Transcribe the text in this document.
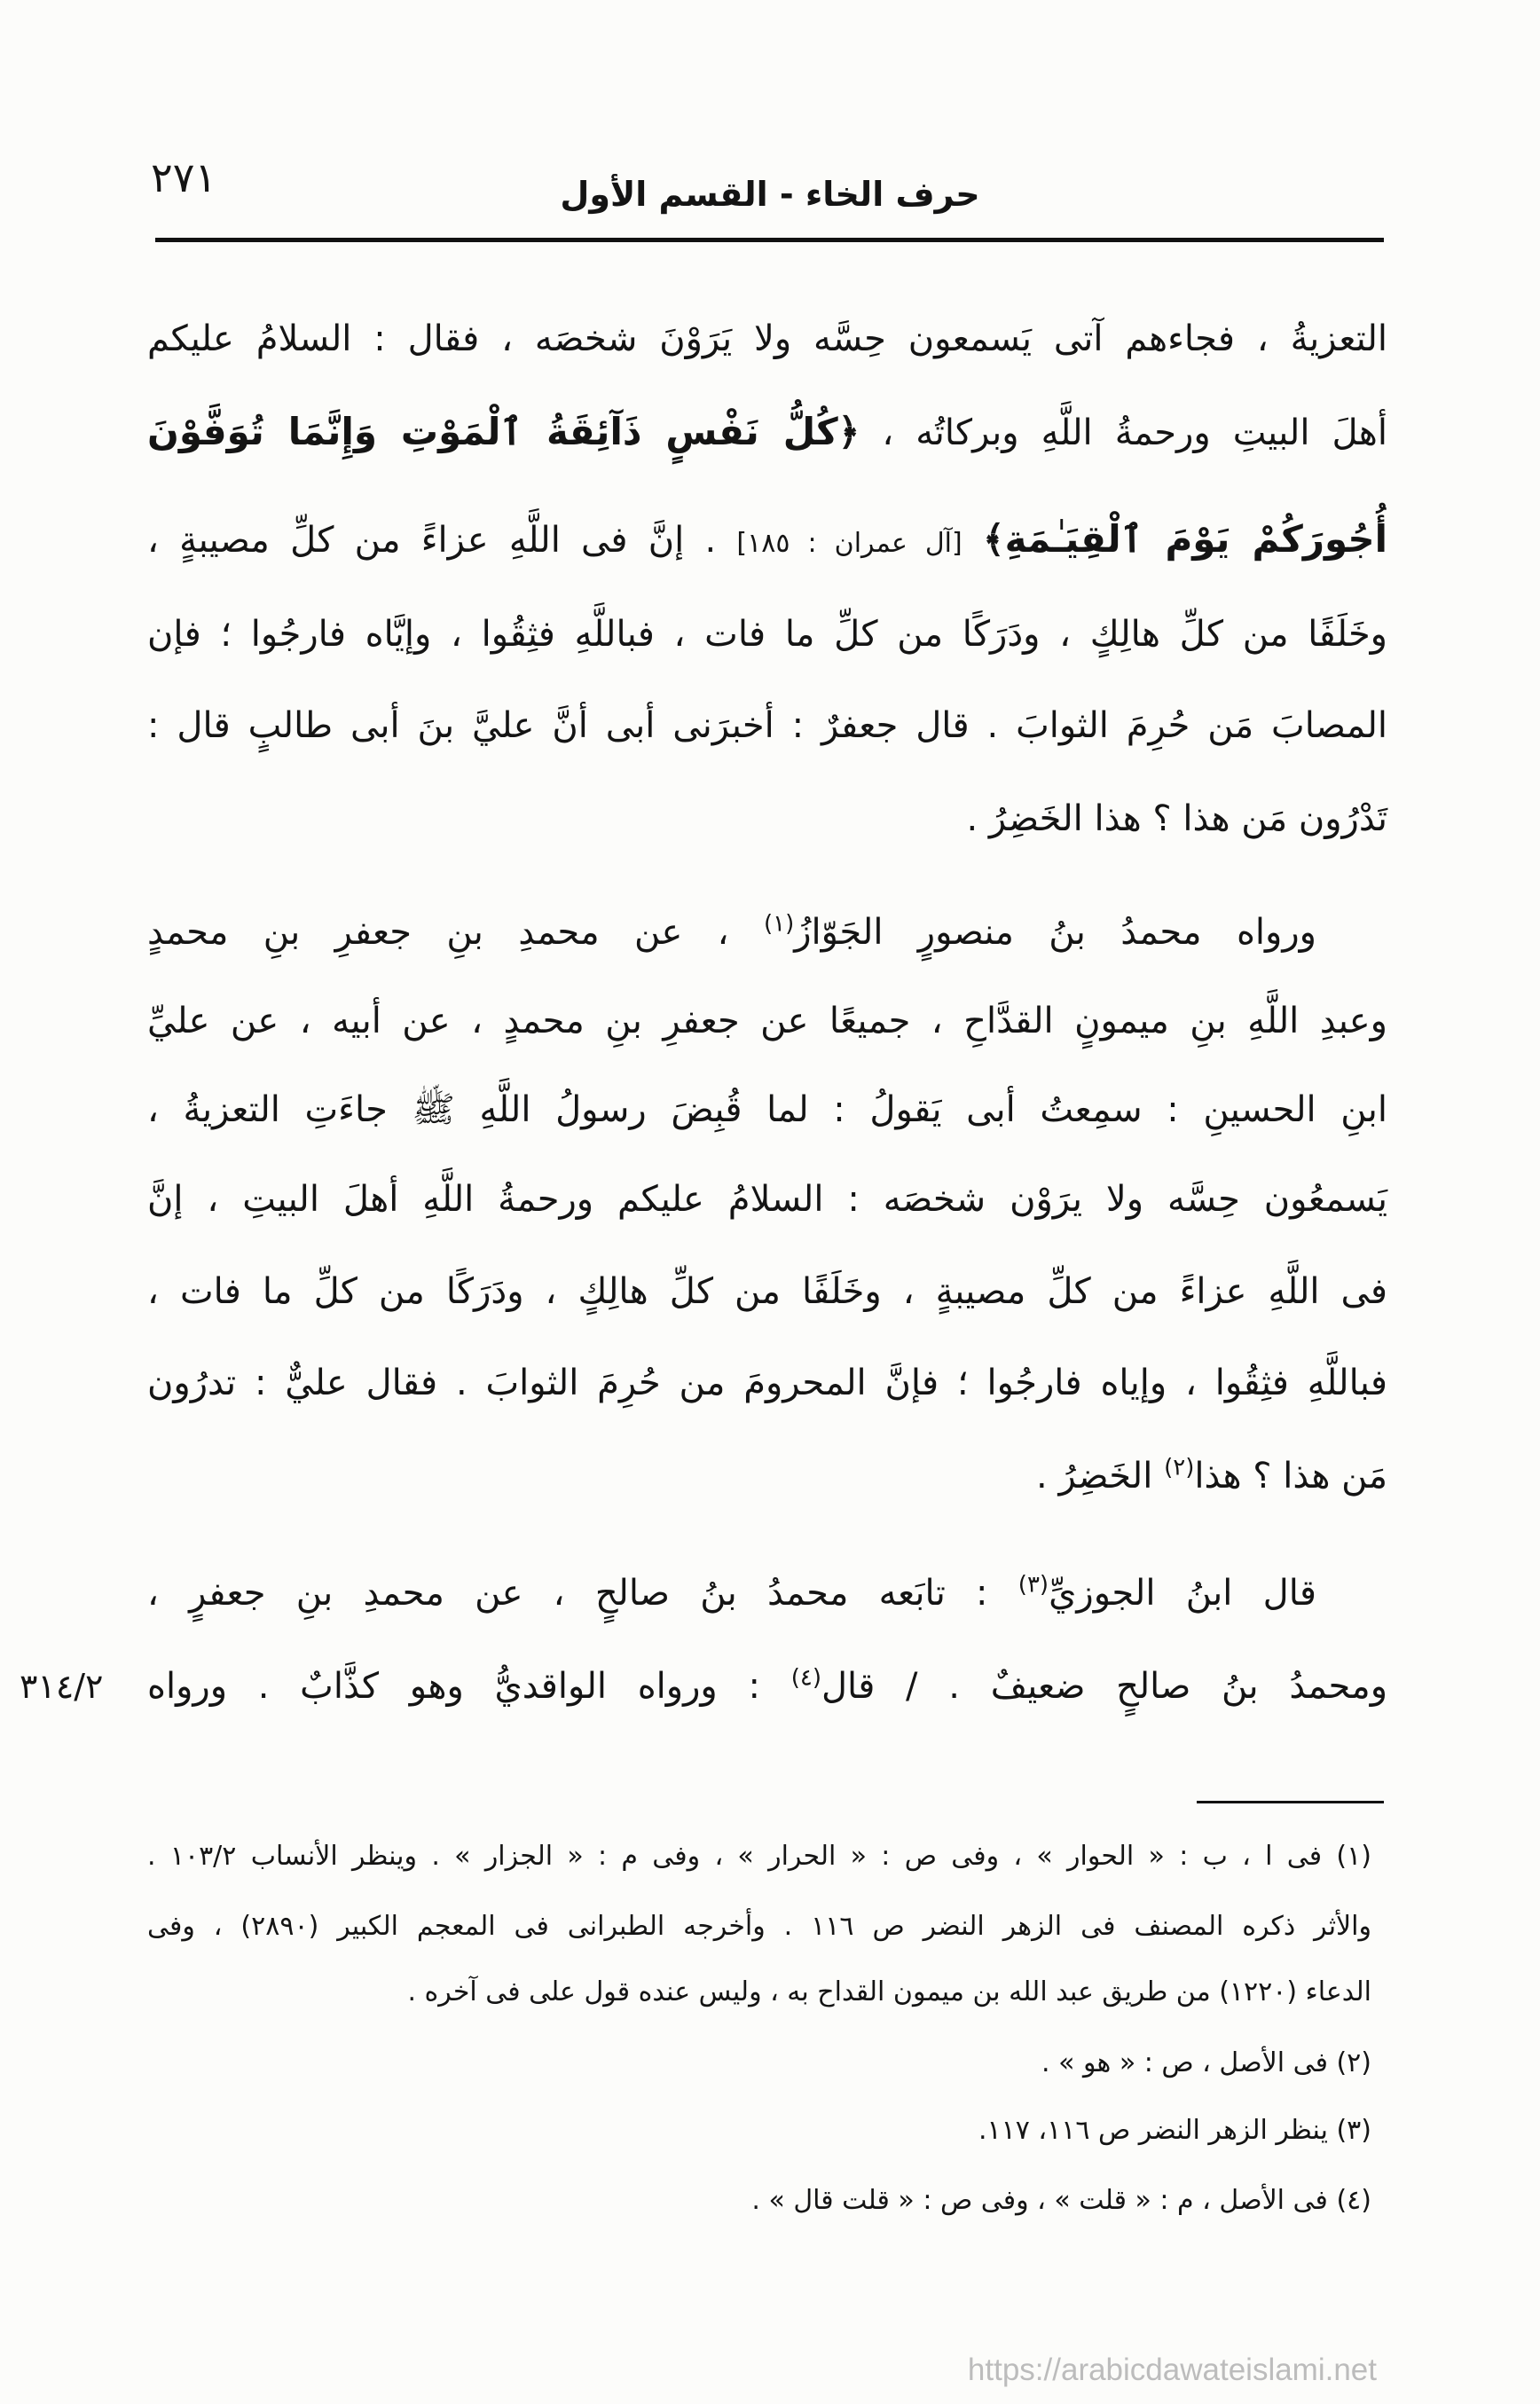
٢٧١	حرف الخاء - القسم الأول
التعزيةُ ، فجاءهم آتى يَسمعون حِسَّه ولا يَرَوْنَ شخصَه ، فقال : السلامُ عليكم
أهلَ البيتِ ورحمةُ اللَّهِ وبركاتُه ، ﴿كُلُّ نَفْسٍ ذَآئِقَةُ ٱلْمَوْتِ وَإِنَّمَا تُوَفَّوْنَ
أُجُورَكُمْ يَوْمَ ٱلْقِيَـٰمَةِ﴾ [آل عمران : ١٨٥] . إنَّ فى اللَّهِ عزاءً من كلِّ مصيبةٍ ،
وخَلَفًا من كلِّ هالِكٍ ، ودَرَكًا من كلِّ ما فات ، فباللَّهِ فثِقُوا ، وإيَّاه فارجُوا ؛ فإن
المصابَ مَن حُرِمَ الثوابَ . قال جعفرٌ : أخبرَنى أبى أنَّ عليَّ بنَ أبى طالبٍ قال :
تَدْرُون مَن هذا ؟ هذا الخَضِرُ .
ورواه محمدُ بنُ منصورٍ الجَوّازُ$^{(١)}$ ، عن محمدِ بنِ جعفرِ بنِ محمدٍ
وعبدِ اللَّهِ بنِ ميمونٍ القدَّاحِ ، جميعًا عن جعفرِ بنِ محمدٍ ، عن أبيه ، عن عليِّ
ابنِ الحسينِ : سمِعتُ أبى يَقولُ : لما قُبِضَ رسولُ اللَّهِ ﷺ جاءَتِ التعزيةُ ،
يَسمعُون حِسَّه ولا يرَوْن شخصَه : السلامُ عليكم ورحمةُ اللَّهِ أهلَ البيتِ ، إنَّ
فى اللَّهِ عزاءً من كلِّ مصيبةٍ ، وخَلَفًا من كلِّ هالِكٍ ، ودَرَكًا من كلِّ ما فات ،
فباللَّهِ فثِقُوا ، وإياه فارجُوا ؛ فإنَّ المحرومَ من حُرِمَ الثوابَ . فقال عليٌّ : تدرُون
مَن هذا ؟ هذا$^{(٢)}$ الخَضِرُ .
قال ابنُ الجوزيِّ$^{(٣)}$ : تابَعه محمدُ بنُ صالحٍ ، عن محمدِ بنِ جعفرٍ ،
ومحمدُ بنُ صالحٍ ضعيفٌ . / قال$^{(٤)}$ : ورواه الواقديُّ وهو كذَّابٌ . ورواه
٣١٤/٢
(١) فى ا ، ب : « الحوار » ، وفى ص : « الحرار » ، وفى م : « الجزار » . وينظر الأنساب ١٠٣/٢ .
والأثر ذكره المصنف فى الزهر النضر ص ١١٦ . وأخرجه الطبرانى فى المعجم الكبير (٢٨٩٠) ، وفى
الدعاء (١٢٢٠) من طريق عبد الله بن ميمون القداح به ، وليس عنده قول على فى آخره .
(٢) فى الأصل ، ص : « هو » .
(٣) ينظر الزهر النضر ص ١١٦، ١١٧.
(٤) فى الأصل ، م : « قلت » ، وفى ص : « قلت قال » .
https://arabicdawateislami.net
